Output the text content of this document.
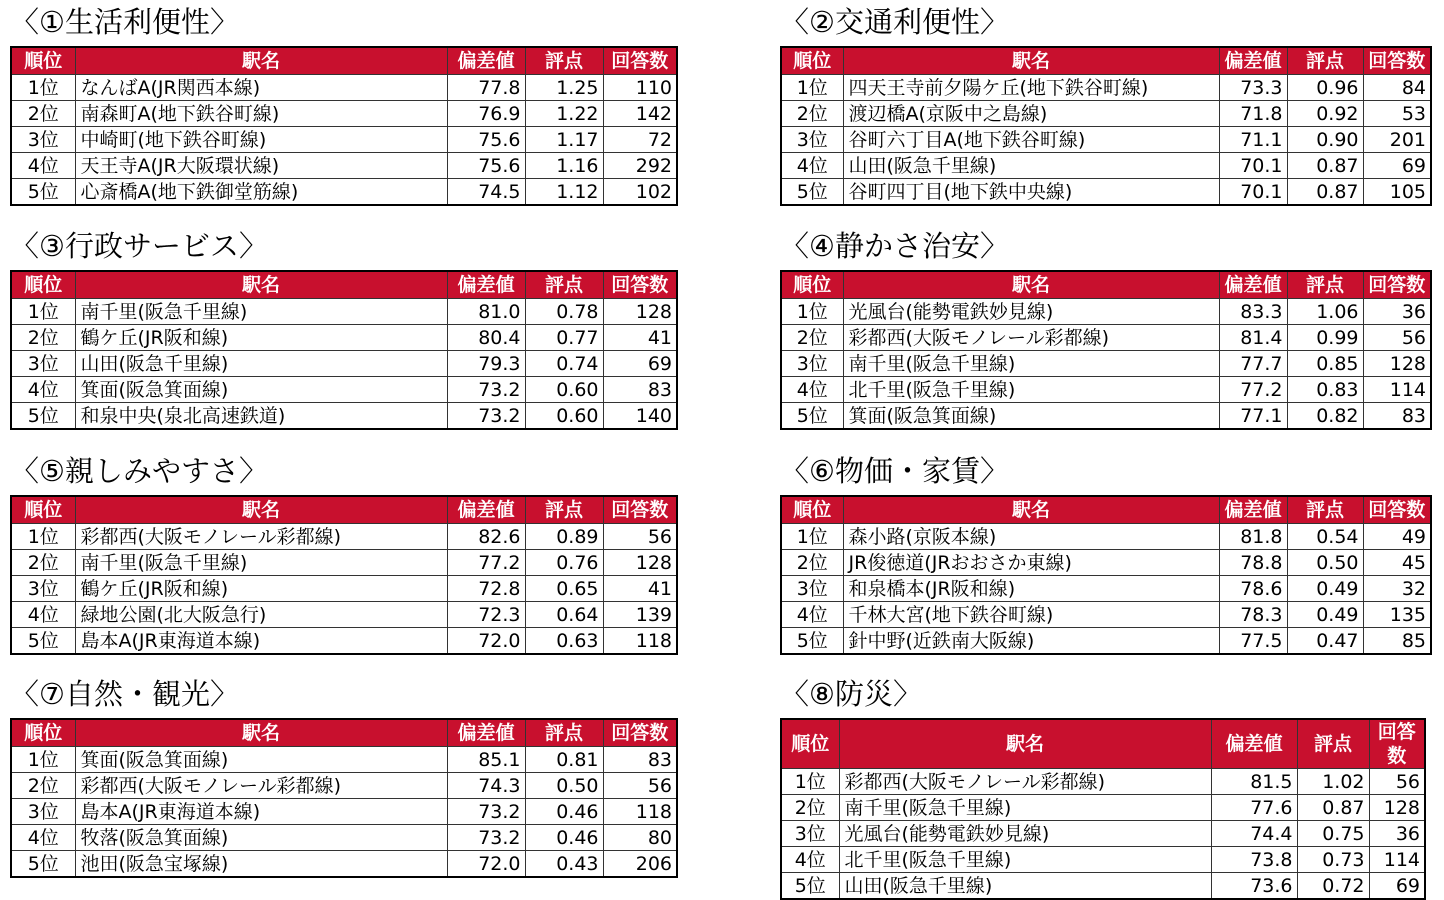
〈①生活利便性〉
順位	駅名	偏差値	評点	回答数
1位	なんばA(JR関西本線)	77.8	1.25	110
2位	南森町A(地下鉄谷町線)	76.9	1.22	142
3位	中崎町(地下鉄谷町線)	75.6	1.17	72
4位	天王寺A(JR大阪環状線)	75.6	1.16	292
5位	心斎橋A(地下鉄御堂筋線)	74.5	1.12	102
〈②交通利便性〉
順位	駅名	偏差値	評点	回答数
1位	四天王寺前夕陽ケ丘(地下鉄谷町線)	73.3	0.96	84
2位	渡辺橋A(京阪中之島線)	71.8	0.92	53
3位	谷町六丁目A(地下鉄谷町線)	71.1	0.90	201
4位	山田(阪急千里線)	70.1	0.87	69
5位	谷町四丁目(地下鉄中央線)	70.1	0.87	105
〈③行政サービス〉
順位	駅名	偏差値	評点	回答数
1位	南千里(阪急千里線)	81.0	0.78	128
2位	鶴ケ丘(JR阪和線)	80.4	0.77	41
3位	山田(阪急千里線)	79.3	0.74	69
4位	箕面(阪急箕面線)	73.2	0.60	83
5位	和泉中央(泉北高速鉄道)	73.2	0.60	140
〈④静かさ治安〉
順位	駅名	偏差値	評点	回答数
1位	光風台(能勢電鉄妙見線)	83.3	1.06	36
2位	彩都西(大阪モノレール彩都線)	81.4	0.99	56
3位	南千里(阪急千里線)	77.7	0.85	128
4位	北千里(阪急千里線)	77.2	0.83	114
5位	箕面(阪急箕面線)	77.1	0.82	83
〈⑤親しみやすさ〉
順位	駅名	偏差値	評点	回答数
1位	彩都西(大阪モノレール彩都線)	82.6	0.89	56
2位	南千里(阪急千里線)	77.2	0.76	128
3位	鶴ケ丘(JR阪和線)	72.8	0.65	41
4位	緑地公園(北大阪急行)	72.3	0.64	139
5位	島本A(JR東海道本線)	72.0	0.63	118
〈⑥物価・家賃〉
順位	駅名	偏差値	評点	回答数
1位	森小路(京阪本線)	81.8	0.54	49
2位	JR俊徳道(JRおおさか東線)	78.8	0.50	45
3位	和泉橋本(JR阪和線)	78.6	0.49	32
4位	千林大宮(地下鉄谷町線)	78.3	0.49	135
5位	針中野(近鉄南大阪線)	77.5	0.47	85
〈⑦自然・観光〉
順位	駅名	偏差値	評点	回答数
1位	箕面(阪急箕面線)	85.1	0.81	83
2位	彩都西(大阪モノレール彩都線)	74.3	0.50	56
3位	島本A(JR東海道本線)	73.2	0.46	118
4位	牧落(阪急箕面線)	73.2	0.46	80
5位	池田(阪急宝塚線)	72.0	0.43	206
〈⑧防災〉
順位	駅名	偏差値	評点	回答数
1位	彩都西(大阪モノレール彩都線)	81.5	1.02	56
2位	南千里(阪急千里線)	77.6	0.87	128
3位	光風台(能勢電鉄妙見線)	74.4	0.75	36
4位	北千里(阪急千里線)	73.8	0.73	114
5位	山田(阪急千里線)	73.6	0.72	69
